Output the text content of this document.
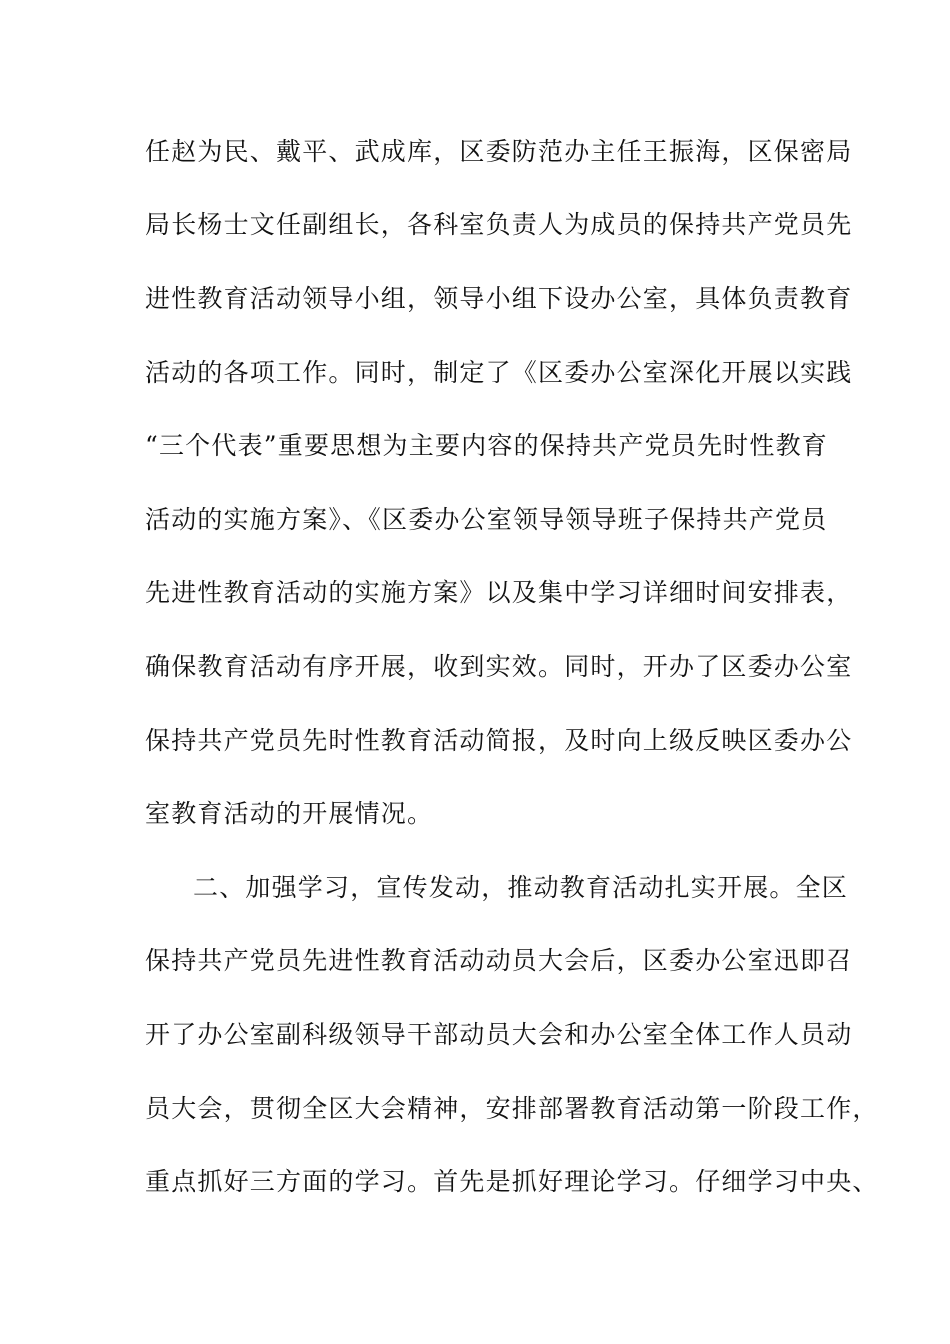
任赵为民、戴平、武成库，区委防范办主任王振海，区保密局
局长杨士文任副组长，各科室负责人为成员的保持共产党员先
进性教育活动领导小组，领导小组下设办公室，具体负责教育
活动的各项工作。同时，制定了《区委办公室深化开展以实践
“三个代表”重要思想为主要内容的保持共产党员先时性教育
活动的实施方案》、《区委办公室领导领导班子保持共产党员
先进性教育活动的实施方案》以及集中学习详细时间安排表，
确保教育活动有序开展，收到实效。同时，开办了区委办公室
保持共产党员先时性教育活动简报，及时向上级反映区委办公
室教育活动的开展情况。
二、加强学习，宣传发动，推动教育活动扎实开展。全区
保持共产党员先进性教育活动动员大会后，区委办公室迅即召
开了办公室副科级领导干部动员大会和办公室全体工作人员动
员大会，贯彻全区大会精神，安排部署教育活动第一阶段工作，
重点抓好三方面的学习。首先是抓好理论学习。仔细学习中央、
